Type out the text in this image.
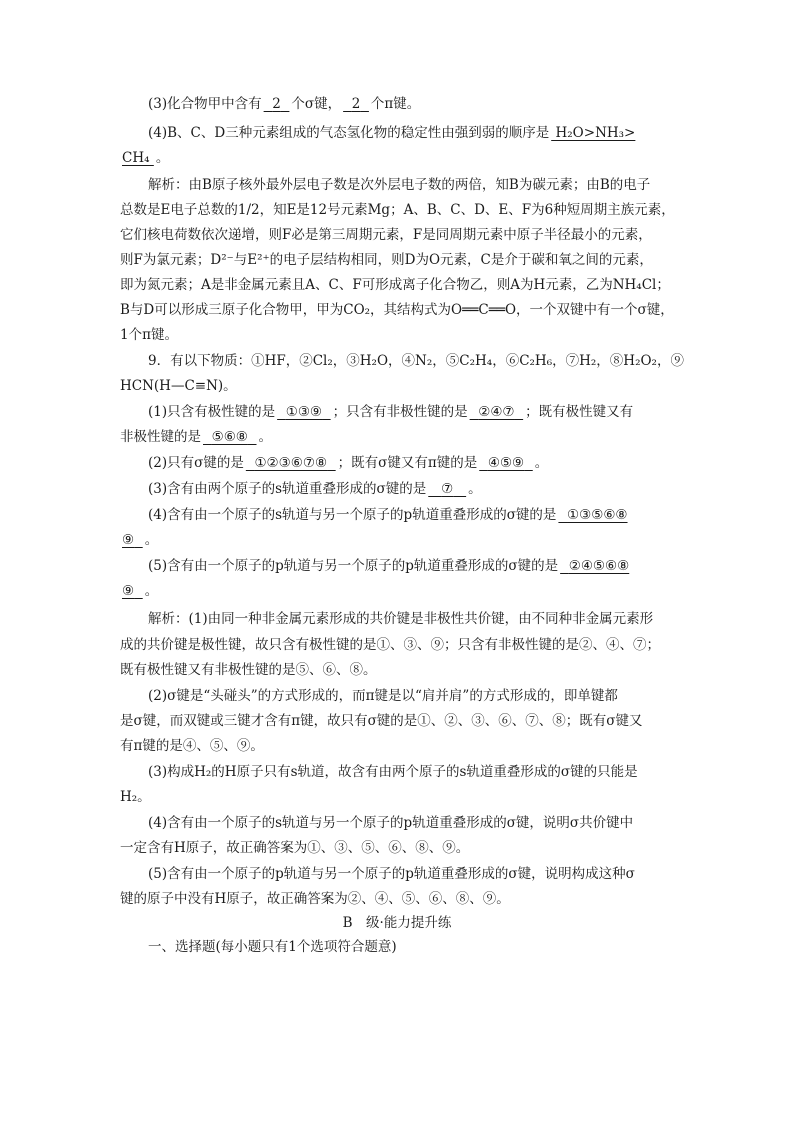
(3)化合物甲中含有 2 个σ键， 2 个π键。
(4)B、C、D三种元素组成的气态氢化物的稳定性由强到弱的顺序是 H₂O>NH₃>
CH₄ 。
解析：由B原子核外最外层电子数是次外层电子数的两倍，知B为碳元素；由B的电子
总数是E电子总数的1/2，知E是12号元素Mg；A、B、C、D、E、F为6种短周期主族元素，
它们核电荷数依次递增，则F必是第三周期元素，F是同周期元素中原子半径最小的元素，
则F为氯元素；D²⁻与E²⁺的电子层结构相同，则D为O元素，C是介于碳和氧之间的元素，
即为氮元素；A是非金属元素且A、C、F可形成离子化合物乙，则A为H元素，乙为NH₄Cl；
B与D可以形成三原子化合物甲，甲为CO₂，其结构式为O══C══O，一个双键中有一个σ键，
1个π键。
9．有以下物质：①HF，②Cl₂，③H₂O，④N₂，⑤C₂H₄，⑥C₂H₆，⑦H₂，⑧H₂O₂，⑨
HCN(H—C≡N)。
(1)只含有极性键的是 ①③⑨ ；只含有非极性键的是 ②④⑦ ；既有极性键又有
非极性键的是 ⑤⑥⑧ 。
(2)只有σ键的是 ①②③⑥⑦⑧ ；既有σ键又有π键的是 ④⑤⑨ 。
(3)含有由两个原子的s轨道重叠形成的σ键的是 ⑦ 。
(4)含有由一个原子的s轨道与另一个原子的p轨道重叠形成的σ键的是 ①③⑤⑥⑧
⑨ 。
(5)含有由一个原子的p轨道与另一个原子的p轨道重叠形成的σ键的是 ②④⑤⑥⑧
⑨ 。
解析：(1)由同一种非金属元素形成的共价键是非极性共价键，由不同种非金属元素形
成的共价键是极性键，故只含有极性键的是①、③、⑨；只含有非极性键的是②、④、⑦；
既有极性键又有非极性键的是⑤、⑥、⑧。
(2)σ键是“头碰头”的方式形成的，而π键是以“肩并肩”的方式形成的，即单键都
是σ键，而双键或三键才含有π键，故只有σ键的是①、②、③、⑥、⑦、⑧；既有σ键又
有π键的是④、⑤、⑨。
(3)构成H₂的H原子只有s轨道，故含有由两个原子的s轨道重叠形成的σ键的只能是
H₂。
(4)含有由一个原子的s轨道与另一个原子的p轨道重叠形成的σ键，说明σ共价键中
一定含有H原子，故正确答案为①、③、⑤、⑥、⑧、⑨。
(5)含有由一个原子的p轨道与另一个原子的p轨道重叠形成的σ键，说明构成这种σ
键的原子中没有H原子，故正确答案为②、④、⑤、⑥、⑧、⑨。
B　级·能力提升练
一、选择题(每小题只有1个选项符合题意)
